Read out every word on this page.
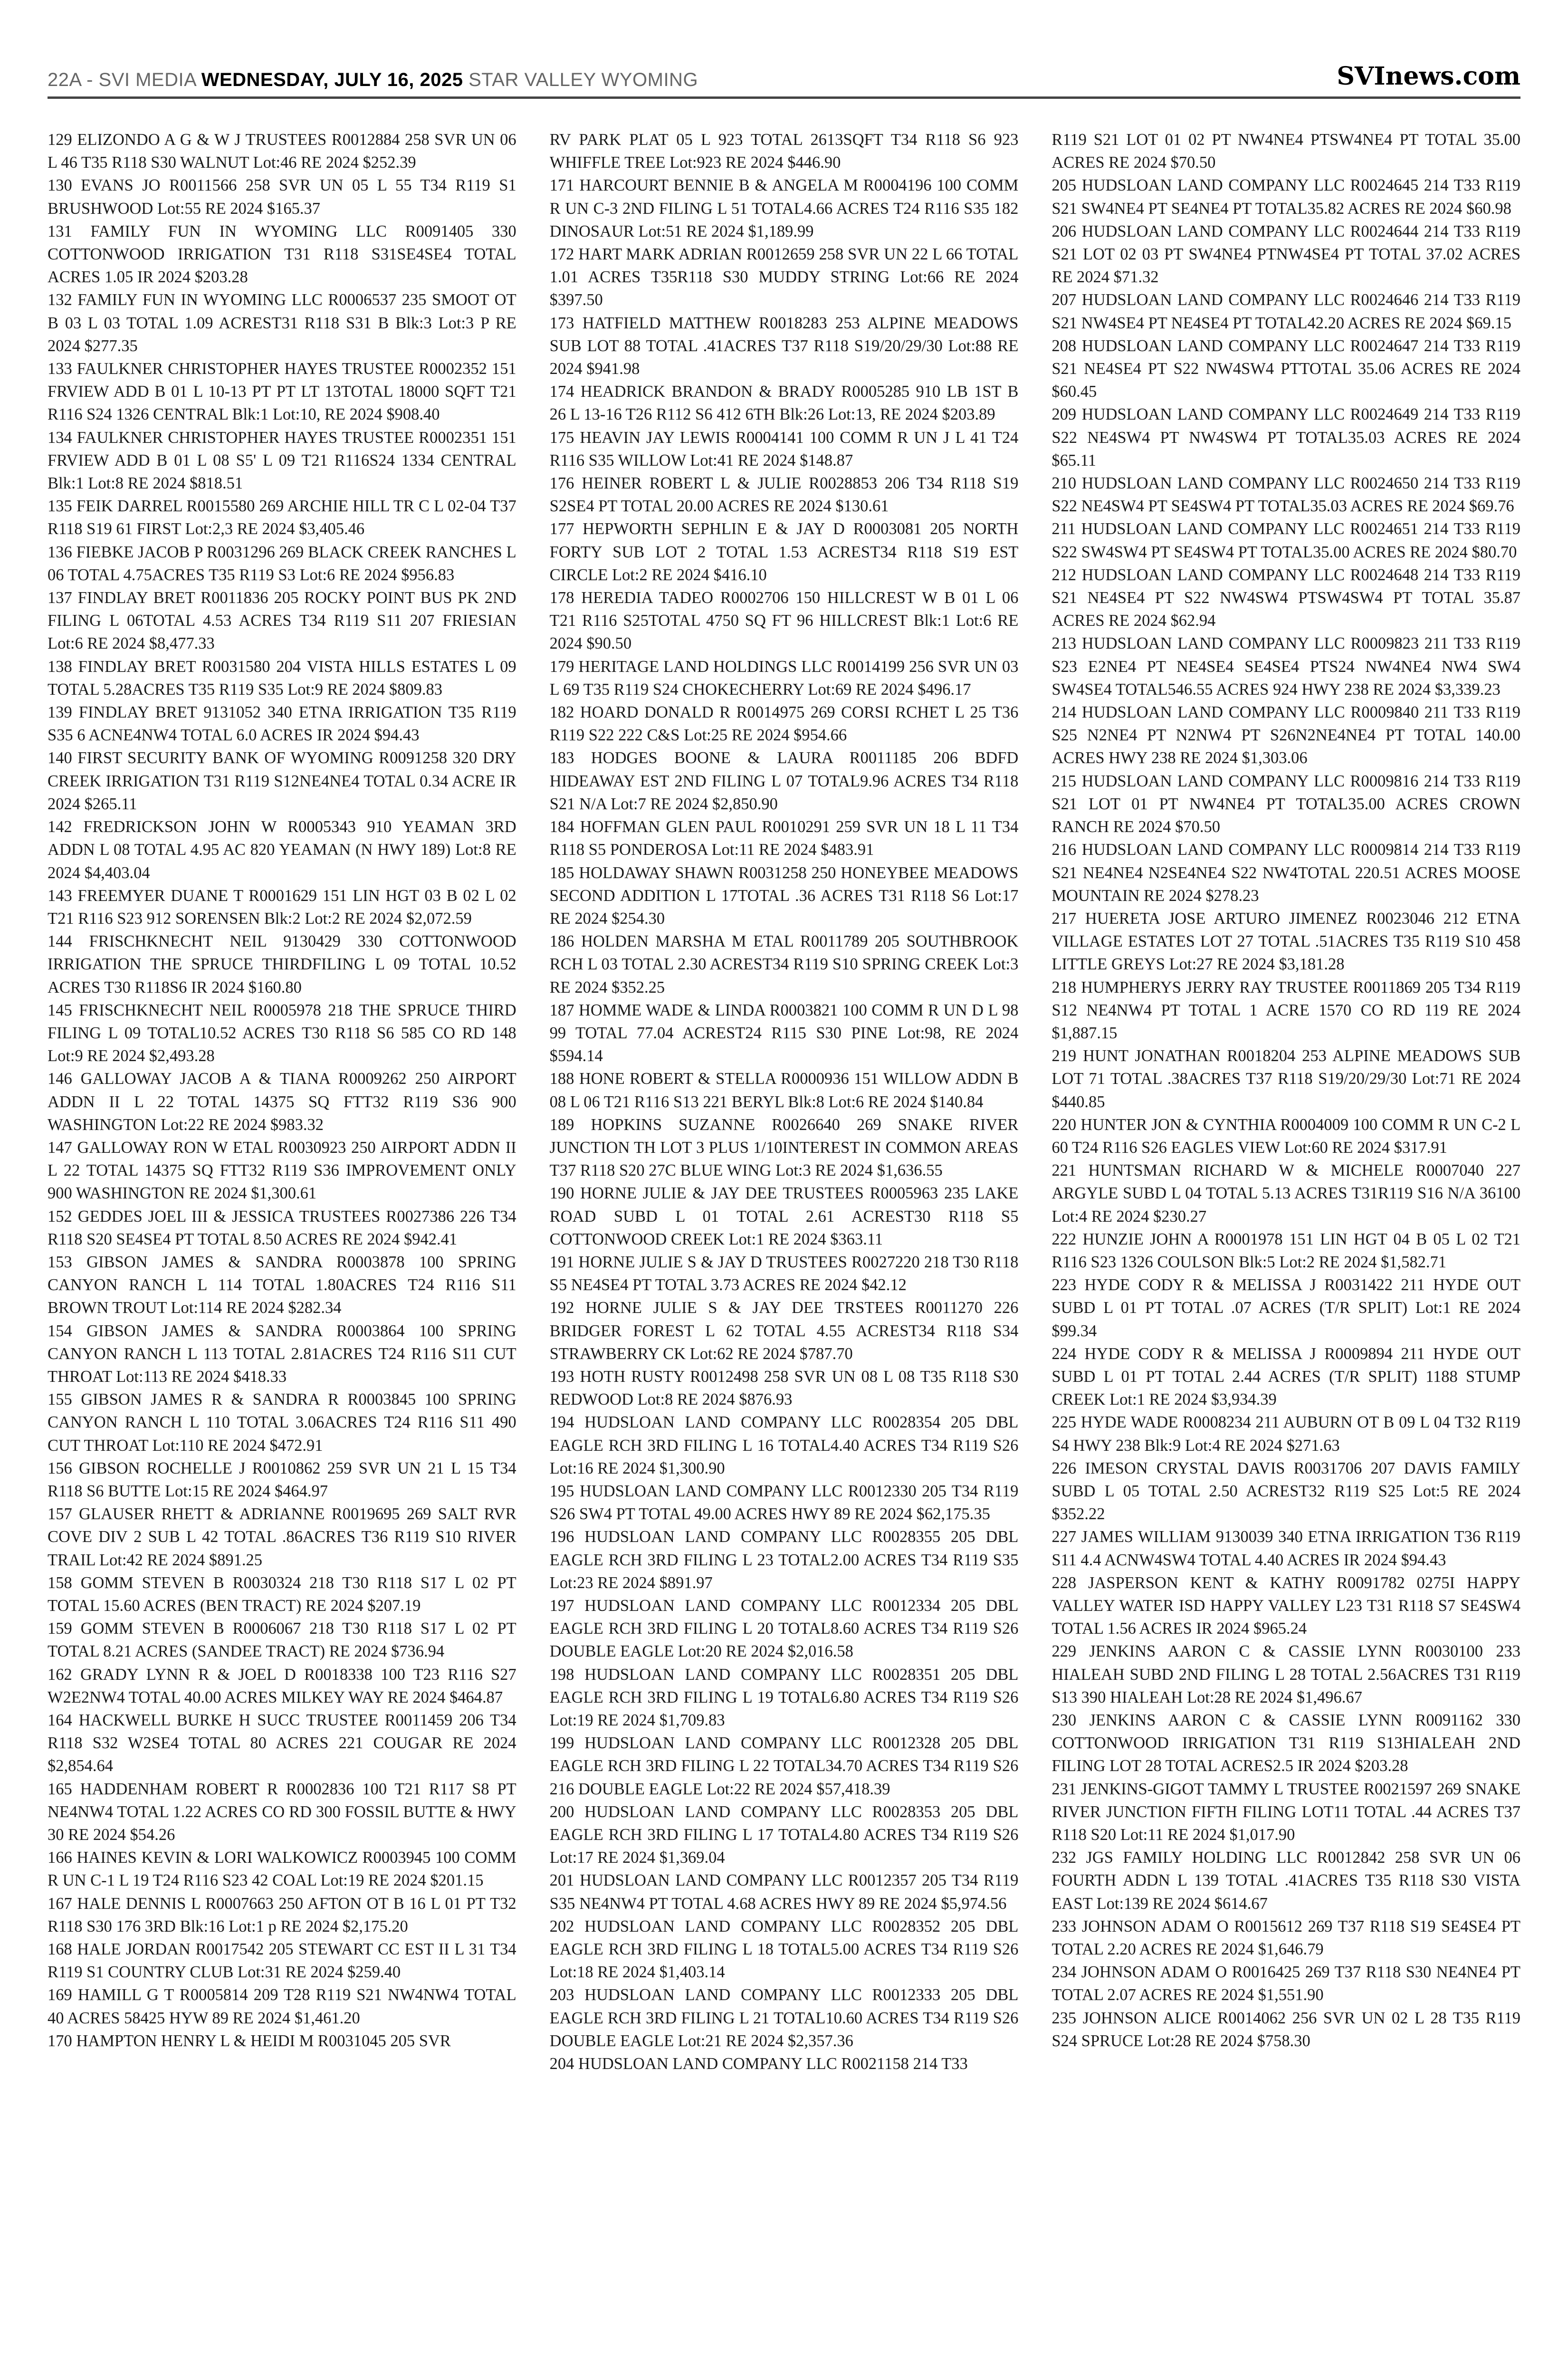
22A - SVI MEDIA WEDNESDAY, JULY 16, 2025 STAR VALLEY WYOMING	SVInews.com

129 ELIZONDO A G & W J TRUSTEES R0012884 258 SVR UN 06 L 46 T35 R118 S30 WALNUT Lot:46 RE 2024 $252.39

130 EVANS JO R0011566 258 SVR UN 05 L 55 T34 R119 S1 BRUSHWOOD Lot:55 RE 2024 $165.37

131 FAMILY FUN IN WYOMING LLC R0091405 330 COTTONWOOD IRRIGATION T31 R118 S31SE4SE4 TOTAL ACRES 1.05 IR 2024 $203.28

132 FAMILY FUN IN WYOMING LLC R0006537 235 SMOOT OT B 03 L 03 TOTAL 1.09 ACREST31 R118 S31 B Blk:3 Lot:3 P RE 2024 $277.35

133 FAULKNER CHRISTOPHER HAYES TRUSTEE R0002352 151 FRVIEW ADD B 01 L 10-13 PT PT LT 13TOTAL 18000 SQFT T21 R116 S24 1326 CENTRAL Blk:1 Lot:10, RE 2024 $908.40

134 FAULKNER CHRISTOPHER HAYES TRUSTEE R0002351 151 FRVIEW ADD B 01 L 08 S5' L 09 T21 R116S24 1334 CENTRAL Blk:1 Lot:8 RE 2024 $818.51

135 FEIK DARREL R0015580 269 ARCHIE HILL TR C L 02-04 T37 R118 S19 61 FIRST Lot:2,3 RE 2024 $3,405.46

136 FIEBKE JACOB P R0031296 269 BLACK CREEK RANCHES L 06 TOTAL 4.75ACRES T35 R119 S3 Lot:6 RE 2024 $956.83

137 FINDLAY BRET R0011836 205 ROCKY POINT BUS PK 2ND FILING L 06TOTAL 4.53 ACRES T34 R119 S11 207 FRIESIAN Lot:6 RE 2024 $8,477.33

138 FINDLAY BRET R0031580 204 VISTA HILLS ESTATES L 09 TOTAL 5.28ACRES T35 R119 S35 Lot:9 RE 2024 $809.83

139 FINDLAY BRET 9131052 340 ETNA IRRIGATION T35 R119 S35 6 ACNE4NW4 TOTAL 6.0 ACRES IR 2024 $94.43

140 FIRST SECURITY BANK OF WYOMING R0091258 320 DRY CREEK IRRIGATION T31 R119 S12NE4NE4 TOTAL 0.34 ACRE IR 2024 $265.11

142 FREDRICKSON JOHN W R0005343 910 YEAMAN 3RD ADDN L 08 TOTAL 4.95 AC 820 YEAMAN (N HWY 189) Lot:8 RE 2024 $4,403.04

143 FREEMYER DUANE T R0001629 151 LIN HGT 03 B 02 L 02 T21 R116 S23 912 SORENSEN Blk:2 Lot:2 RE 2024 $2,072.59

144 FRISCHKNECHT NEIL 9130429 330 COTTONWOOD IRRIGATION THE SPRUCE THIRDFILING L 09 TOTAL 10.52 ACRES T30 R118S6 IR 2024 $160.80

145 FRISCHKNECHT NEIL R0005978 218 THE SPRUCE THIRD FILING L 09 TOTAL10.52 ACRES T30 R118 S6 585 CO RD 148 Lot:9 RE 2024 $2,493.28

146 GALLOWAY JACOB A & TIANA R0009262 250 AIRPORT ADDN II L 22 TOTAL 14375 SQ FTT32 R119 S36 900 WASHINGTON Lot:22 RE 2024 $983.32

147 GALLOWAY RON W ETAL R0030923 250 AIRPORT ADDN II L 22 TOTAL 14375 SQ FTT32 R119 S36 IMPROVEMENT ONLY 900 WASHINGTON RE 2024 $1,300.61

152 GEDDES JOEL III & JESSICA TRUSTEES R0027386 226 T34 R118 S20 SE4SE4 PT TOTAL 8.50 ACRES RE 2024 $942.41

153 GIBSON JAMES & SANDRA R0003878 100 SPRING CANYON RANCH L 114 TOTAL 1.80ACRES T24 R116 S11 BROWN TROUT Lot:114 RE 2024 $282.34

154 GIBSON JAMES & SANDRA R0003864 100 SPRING CANYON RANCH L 113 TOTAL 2.81ACRES T24 R116 S11 CUT THROAT Lot:113 RE 2024 $418.33

155 GIBSON JAMES R & SANDRA R R0003845 100 SPRING CANYON RANCH L 110 TOTAL 3.06ACRES T24 R116 S11 490 CUT THROAT Lot:110 RE 2024 $472.91

156 GIBSON ROCHELLE J R0010862 259 SVR UN 21 L 15 T34 R118 S6 BUTTE Lot:15 RE 2024 $464.97

157 GLAUSER RHETT & ADRIANNE R0019695 269 SALT RVR COVE DIV 2 SUB L 42 TOTAL .86ACRES T36 R119 S10 RIVER TRAIL Lot:42 RE 2024 $891.25

158 GOMM STEVEN B R0030324 218 T30 R118 S17 L 02 PT TOTAL 15.60 ACRES (BEN TRACT) RE 2024 $207.19

159 GOMM STEVEN B R0006067 218 T30 R118 S17 L 02 PT TOTAL 8.21 ACRES (SANDEE TRACT) RE 2024 $736.94

162 GRADY LYNN R & JOEL D R0018338 100 T23 R116 S27 W2E2NW4 TOTAL 40.00 ACRES MILKEY WAY RE 2024 $464.87

164 HACKWELL BURKE H SUCC TRUSTEE R0011459 206 T34 R118 S32 W2SE4 TOTAL 80 ACRES 221 COUGAR RE 2024 $2,854.64

165 HADDENHAM ROBERT R R0002836 100 T21 R117 S8 PT NE4NW4 TOTAL 1.22 ACRES CO RD 300 FOSSIL BUTTE & HWY 30 RE 2024 $54.26

166 HAINES KEVIN & LORI WALKOWICZ R0003945 100 COMM R UN C-1 L 19 T24 R116 S23 42 COAL Lot:19 RE 2024 $201.15

167 HALE DENNIS L R0007663 250 AFTON OT B 16 L 01 PT T32 R118 S30 176 3RD Blk:16 Lot:1 p RE 2024 $2,175.20

168 HALE JORDAN R0017542 205 STEWART CC EST II L 31 T34 R119 S1 COUNTRY CLUB Lot:31 RE 2024 $259.40

169 HAMILL G T R0005814 209 T28 R119 S21 NW4NW4 TOTAL 40 ACRES 58425 HYW 89 RE 2024 $1,461.20

170 HAMPTON HENRY L & HEIDI M R0031045 205 SVR

RV PARK PLAT 05 L 923 TOTAL 2613SQFT T34 R118 S6 923 WHIFFLE TREE Lot:923 RE 2024 $446.90

171 HARCOURT BENNIE B & ANGELA M R0004196 100 COMM R UN C-3 2ND FILING L 51 TOTAL4.66 ACRES T24 R116 S35 182 DINOSAUR Lot:51 RE 2024 $1,189.99

172 HART MARK ADRIAN R0012659 258 SVR UN 22 L 66 TOTAL 1.01 ACRES T35R118 S30 MUDDY STRING Lot:66 RE 2024 $397.50

173 HATFIELD MATTHEW R0018283 253 ALPINE MEADOWS SUB LOT 88 TOTAL .41ACRES T37 R118 S19/20/29/30 Lot:88 RE 2024 $941.98

174 HEADRICK BRANDON & BRADY R0005285 910 LB 1ST B 26 L 13-16 T26 R112 S6 412 6TH Blk:26 Lot:13, RE 2024 $203.89

175 HEAVIN JAY LEWIS R0004141 100 COMM R UN J L 41 T24 R116 S35 WILLOW Lot:41 RE 2024 $148.87

176 HEINER ROBERT L & JULIE R0028853 206 T34 R118 S19 S2SE4 PT TOTAL 20.00 ACRES RE 2024 $130.61

177 HEPWORTH SEPHLIN E & JAY D R0003081 205 NORTH FORTY SUB LOT 2 TOTAL 1.53 ACREST34 R118 S19 EST CIRCLE Lot:2 RE 2024 $416.10

178 HEREDIA TADEO R0002706 150 HILLCREST W B 01 L 06 T21 R116 S25TOTAL 4750 SQ FT 96 HILLCREST Blk:1 Lot:6 RE 2024 $90.50

179 HERITAGE LAND HOLDINGS LLC R0014199 256 SVR UN 03 L 69 T35 R119 S24 CHOKECHERRY Lot:69 RE 2024 $496.17

182 HOARD DONALD R R0014975 269 CORSI RCHET L 25 T36 R119 S22 222 C&S Lot:25 RE 2024 $954.66

183 HODGES BOONE & LAURA R0011185 206 BDFD HIDEAWAY EST 2ND FILING L 07 TOTAL9.96 ACRES T34 R118 S21 N/A Lot:7 RE 2024 $2,850.90

184 HOFFMAN GLEN PAUL R0010291 259 SVR UN 18 L 11 T34 R118 S5 PONDEROSA Lot:11 RE 2024 $483.91

185 HOLDAWAY SHAWN R0031258 250 HONEYBEE MEADOWS SECOND ADDITION L 17TOTAL .36 ACRES T31 R118 S6 Lot:17 RE 2024 $254.30

186 HOLDEN MARSHA M ETAL R0011789 205 SOUTHBROOK RCH L 03 TOTAL 2.30 ACREST34 R119 S10 SPRING CREEK Lot:3 RE 2024 $352.25

187 HOMME WADE & LINDA R0003821 100 COMM R UN D L 98 99 TOTAL 77.04 ACREST24 R115 S30 PINE Lot:98, RE 2024 $594.14

188 HONE ROBERT & STELLA R0000936 151 WILLOW ADDN B 08 L 06 T21 R116 S13 221 BERYL Blk:8 Lot:6 RE 2024 $140.84

189 HOPKINS SUZANNE R0026640 269 SNAKE RIVER JUNCTION TH LOT 3 PLUS 1/10INTEREST IN COMMON AREAS T37 R118 S20 27C BLUE WING Lot:3 RE 2024 $1,636.55

190 HORNE JULIE & JAY DEE TRUSTEES R0005963 235 LAKE ROAD SUBD L 01 TOTAL 2.61 ACREST30 R118 S5 COTTONWOOD CREEK Lot:1 RE 2024 $363.11

191 HORNE JULIE S & JAY D TRUSTEES R0027220 218 T30 R118 S5 NE4SE4 PT TOTAL 3.73 ACRES RE 2024 $42.12

192 HORNE JULIE S & JAY DEE TRSTEES R0011270 226 BRIDGER FOREST L 62 TOTAL 4.55 ACREST34 R118 S34 STRAWBERRY CK Lot:62 RE 2024 $787.70

193 HOTH RUSTY R0012498 258 SVR UN 08 L 08 T35 R118 S30 REDWOOD Lot:8 RE 2024 $876.93

194 HUDSLOAN LAND COMPANY LLC R0028354 205 DBL EAGLE RCH 3RD FILING L 16 TOTAL4.40 ACRES T34 R119 S26 Lot:16 RE 2024 $1,300.90

195 HUDSLOAN LAND COMPANY LLC R0012330 205 T34 R119 S26 SW4 PT TOTAL 49.00 ACRES HWY 89 RE 2024 $62,175.35

196 HUDSLOAN LAND COMPANY LLC R0028355 205 DBL EAGLE RCH 3RD FILING L 23 TOTAL2.00 ACRES T34 R119 S35 Lot:23 RE 2024 $891.97

197 HUDSLOAN LAND COMPANY LLC R0012334 205 DBL EAGLE RCH 3RD FILING L 20 TOTAL8.60 ACRES T34 R119 S26 DOUBLE EAGLE Lot:20 RE 2024 $2,016.58

198 HUDSLOAN LAND COMPANY LLC R0028351 205 DBL EAGLE RCH 3RD FILING L 19 TOTAL6.80 ACRES T34 R119 S26 Lot:19 RE 2024 $1,709.83

199 HUDSLOAN LAND COMPANY LLC R0012328 205 DBL EAGLE RCH 3RD FILING L 22 TOTAL34.70 ACRES T34 R119 S26 216 DOUBLE EAGLE Lot:22 RE 2024 $57,418.39

200 HUDSLOAN LAND COMPANY LLC R0028353 205 DBL EAGLE RCH 3RD FILING L 17 TOTAL4.80 ACRES T34 R119 S26 Lot:17 RE 2024 $1,369.04

201 HUDSLOAN LAND COMPANY LLC R0012357 205 T34 R119 S35 NE4NW4 PT TOTAL 4.68 ACRES HWY 89 RE 2024 $5,974.56

202 HUDSLOAN LAND COMPANY LLC R0028352 205 DBL EAGLE RCH 3RD FILING L 18 TOTAL5.00 ACRES T34 R119 S26 Lot:18 RE 2024 $1,403.14

203 HUDSLOAN LAND COMPANY LLC R0012333 205 DBL EAGLE RCH 3RD FILING L 21 TOTAL10.60 ACRES T34 R119 S26 DOUBLE EAGLE Lot:21 RE 2024 $2,357.36

204 HUDSLOAN LAND COMPANY LLC R0021158 214 T33

R119 S21 LOT 01 02 PT NW4NE4 PTSW4NE4 PT TOTAL 35.00 ACRES RE 2024 $70.50

205 HUDSLOAN LAND COMPANY LLC R0024645 214 T33 R119 S21 SW4NE4 PT SE4NE4 PT TOTAL35.82 ACRES RE 2024 $60.98

206 HUDSLOAN LAND COMPANY LLC R0024644 214 T33 R119 S21 LOT 02 03 PT SW4NE4 PTNW4SE4 PT TOTAL 37.02 ACRES RE 2024 $71.32

207 HUDSLOAN LAND COMPANY LLC R0024646 214 T33 R119 S21 NW4SE4 PT NE4SE4 PT TOTAL42.20 ACRES RE 2024 $69.15

208 HUDSLOAN LAND COMPANY LLC R0024647 214 T33 R119 S21 NE4SE4 PT S22 NW4SW4 PTTOTAL 35.06 ACRES RE 2024 $60.45

209 HUDSLOAN LAND COMPANY LLC R0024649 214 T33 R119 S22 NE4SW4 PT NW4SW4 PT TOTAL35.03 ACRES RE 2024 $65.11

210 HUDSLOAN LAND COMPANY LLC R0024650 214 T33 R119 S22 NE4SW4 PT SE4SW4 PT TOTAL35.03 ACRES RE 2024 $69.76

211 HUDSLOAN LAND COMPANY LLC R0024651 214 T33 R119 S22 SW4SW4 PT SE4SW4 PT TOTAL35.00 ACRES RE 2024 $80.70

212 HUDSLOAN LAND COMPANY LLC R0024648 214 T33 R119 S21 NE4SE4 PT S22 NW4SW4 PTSW4SW4 PT TOTAL 35.87 ACRES RE 2024 $62.94

213 HUDSLOAN LAND COMPANY LLC R0009823 211 T33 R119 S23 E2NE4 PT NE4SE4 SE4SE4 PTS24 NW4NE4 NW4 SW4 SW4SE4 TOTAL546.55 ACRES 924 HWY 238 RE 2024 $3,339.23

214 HUDSLOAN LAND COMPANY LLC R0009840 211 T33 R119 S25 N2NE4 PT N2NW4 PT S26N2NE4NE4 PT TOTAL 140.00 ACRES HWY 238 RE 2024 $1,303.06

215 HUDSLOAN LAND COMPANY LLC R0009816 214 T33 R119 S21 LOT 01 PT NW4NE4 PT TOTAL35.00 ACRES CROWN RANCH RE 2024 $70.50

216 HUDSLOAN LAND COMPANY LLC R0009814 214 T33 R119 S21 NE4NE4 N2SE4NE4 S22 NW4TOTAL 220.51 ACRES MOOSE MOUNTAIN RE 2024 $278.23

217 HUERETA JOSE ARTURO JIMENEZ R0023046 212 ETNA VILLAGE ESTATES LOT 27 TOTAL .51ACRES T35 R119 S10 458 LITTLE GREYS Lot:27 RE 2024 $3,181.28

218 HUMPHERYS JERRY RAY TRUSTEE R0011869 205 T34 R119 S12 NE4NW4 PT TOTAL 1 ACRE 1570 CO RD 119 RE 2024 $1,887.15

219 HUNT JONATHAN R0018204 253 ALPINE MEADOWS SUB LOT 71 TOTAL .38ACRES T37 R118 S19/20/29/30 Lot:71 RE 2024 $440.85

220 HUNTER JON & CYNTHIA R0004009 100 COMM R UN C-2 L 60 T24 R116 S26 EAGLES VIEW Lot:60 RE 2024 $317.91

221 HUNTSMAN RICHARD W & MICHELE R0007040 227 ARGYLE SUBD L 04 TOTAL 5.13 ACRES T31R119 S16 N/A 36100 Lot:4 RE 2024 $230.27

222 HUNZIE JOHN A R0001978 151 LIN HGT 04 B 05 L 02 T21 R116 S23 1326 COULSON Blk:5 Lot:2 RE 2024 $1,582.71

223 HYDE CODY R & MELISSA J R0031422 211 HYDE OUT SUBD L 01 PT TOTAL .07 ACRES (T/R SPLIT) Lot:1 RE 2024 $99.34

224 HYDE CODY R & MELISSA J R0009894 211 HYDE OUT SUBD L 01 PT TOTAL 2.44 ACRES (T/R SPLIT) 1188 STUMP CREEK Lot:1 RE 2024 $3,934.39

225 HYDE WADE R0008234 211 AUBURN OT B 09 L 04 T32 R119 S4 HWY 238 Blk:9 Lot:4 RE 2024 $271.63

226 IMESON CRYSTAL DAVIS R0031706 207 DAVIS FAMILY SUBD L 05 TOTAL 2.50 ACREST32 R119 S25 Lot:5 RE 2024 $352.22

227 JAMES WILLIAM 9130039 340 ETNA IRRIGATION T36 R119 S11 4.4 ACNW4SW4 TOTAL 4.40 ACRES IR 2024 $94.43

228 JASPERSON KENT & KATHY R0091782 0275I HAPPY VALLEY WATER ISD HAPPY VALLEY L23 T31 R118 S7 SE4SW4 TOTAL 1.56 ACRES IR 2024 $965.24

229 JENKINS AARON C & CASSIE LYNN R0030100 233 HIALEAH SUBD 2ND FILING L 28 TOTAL 2.56ACRES T31 R119 S13 390 HIALEAH Lot:28 RE 2024 $1,496.67

230 JENKINS AARON C & CASSIE LYNN R0091162 330 COTTONWOOD IRRIGATION T31 R119 S13HIALEAH 2ND FILING LOT 28 TOTAL ACRES2.5 IR 2024 $203.28

231 JENKINS-GIGOT TAMMY L TRUSTEE R0021597 269 SNAKE RIVER JUNCTION FIFTH FILING LOT11 TOTAL .44 ACRES T37 R118 S20 Lot:11 RE 2024 $1,017.90

232 JGS FAMILY HOLDING LLC R0012842 258 SVR UN 06 FOURTH ADDN L 139 TOTAL .41ACRES T35 R118 S30 VISTA EAST Lot:139 RE 2024 $614.67

233 JOHNSON ADAM O R0015612 269 T37 R118 S19 SE4SE4 PT TOTAL 2.20 ACRES RE 2024 $1,646.79

234 JOHNSON ADAM O R0016425 269 T37 R118 S30 NE4NE4 PT TOTAL 2.07 ACRES RE 2024 $1,551.90

235 JOHNSON ALICE R0014062 256 SVR UN 02 L 28 T35 R119 S24 SPRUCE Lot:28 RE 2024 $758.30
